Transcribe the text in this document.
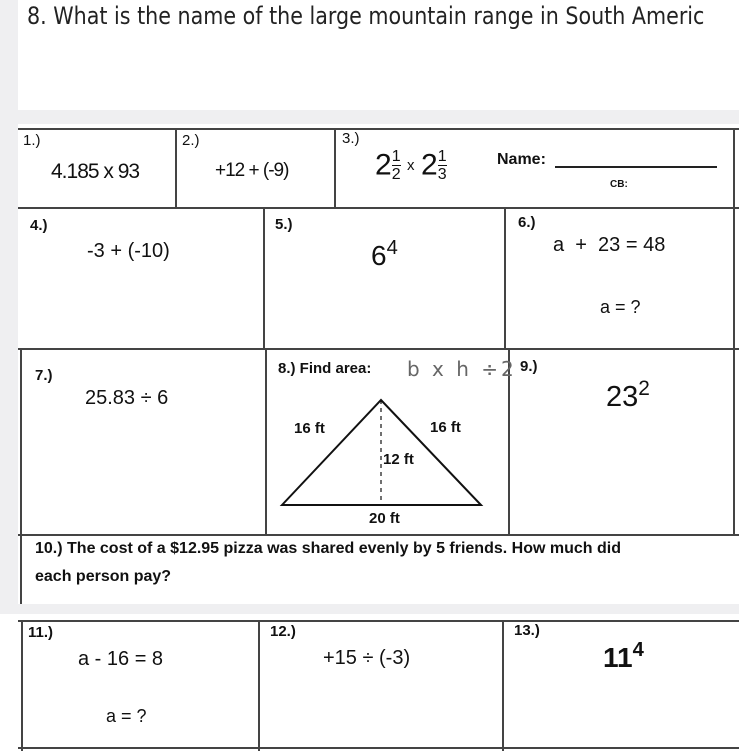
8. What is the name of the large mountain range in South Americ
1.)
4.185 x 93
2.)
+12 + (-9)
3.)
$2\frac{1}{2}$ x $2\frac{1}{3}$	Name:
CB:
4.)
-3 + (-10)
5.)
$6^4$
6.)
a  +  23 = 48
a = ?
7.)
25.83 ÷ 6
8.) Find area: b x h ÷2
16 ft	16 ft
12 ft
20 ft
9.)
$23^2$
10.) The cost of a $12.95 pizza was shared evenly by 5 friends. How much did
each person pay?
11.)
a - 16 = 8
a = ?
12.)
+15 ÷ (-3)
13.)
$11^4$
